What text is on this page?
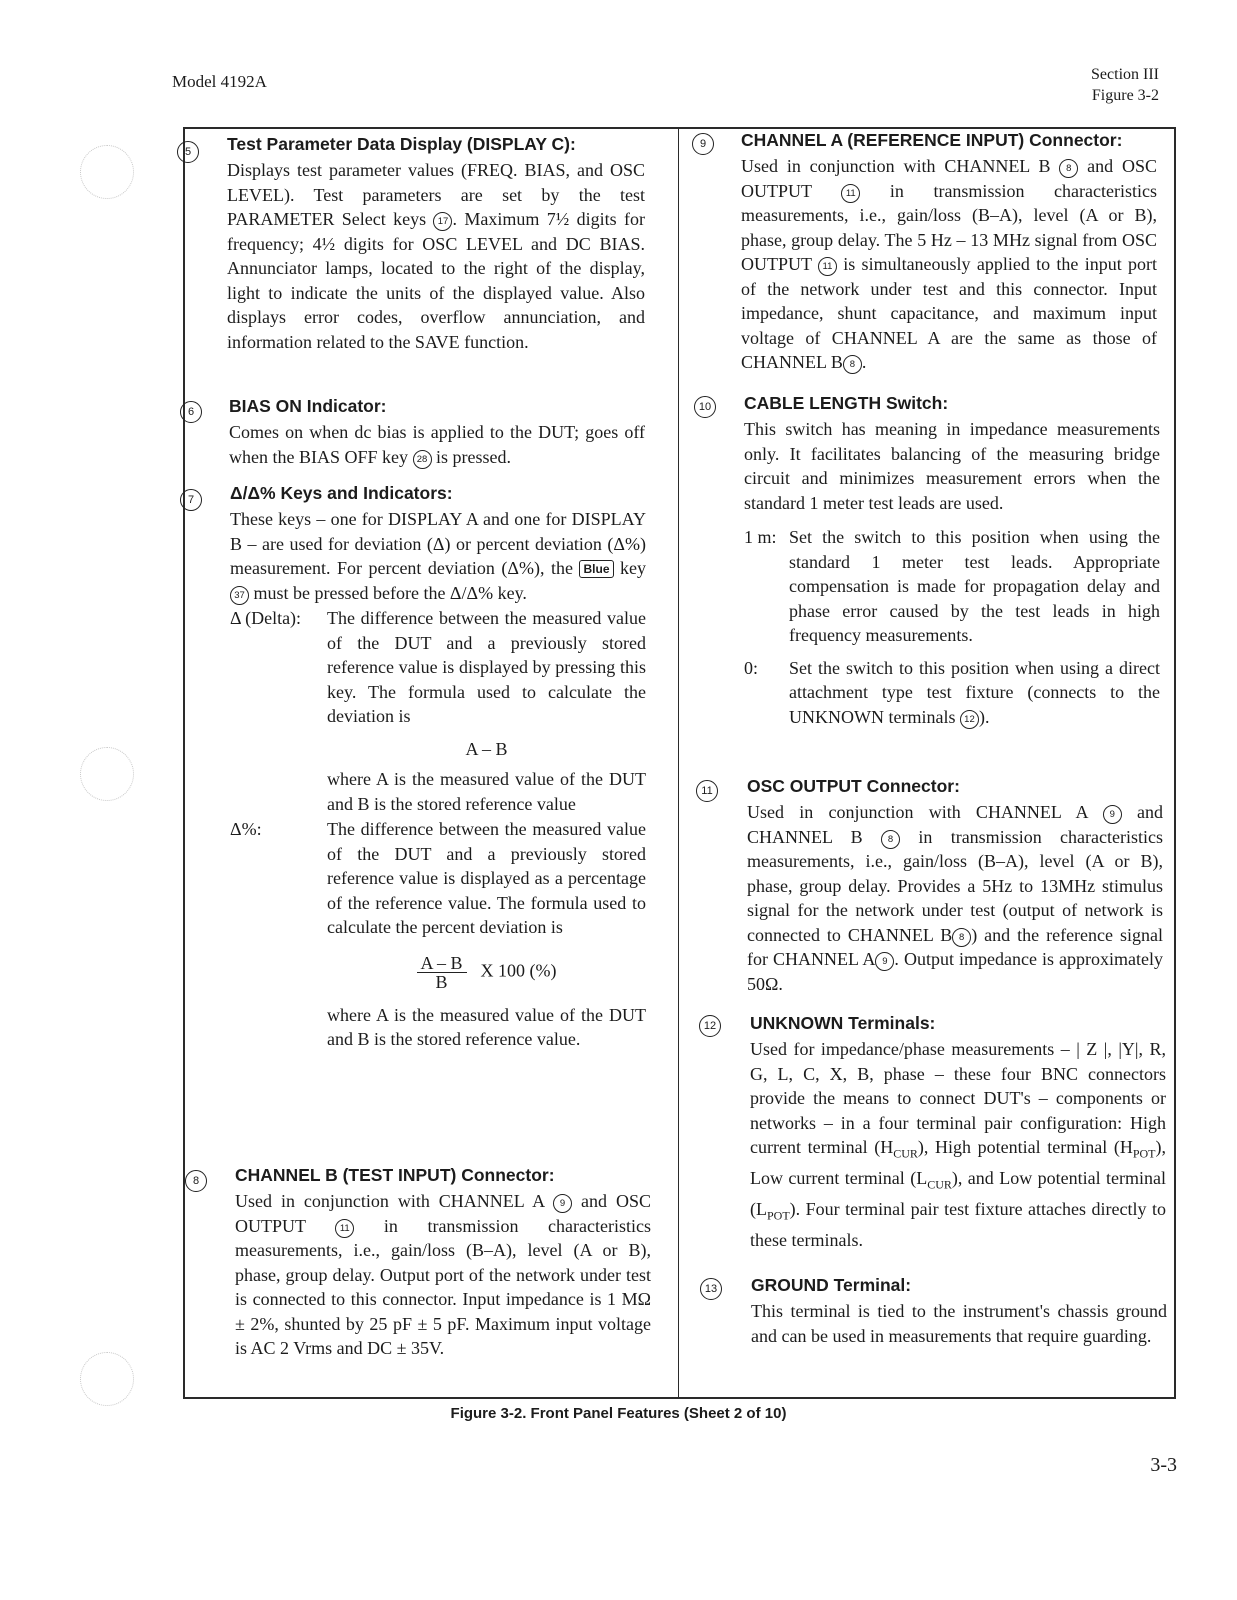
Model 4192A	Section III
Figure 3-2
5	Test Parameter Data Display (DISPLAY C):

Displays test parameter values (FREQ. BIAS, and OSC LEVEL). Test parameters are set by the test PARAMETER Select keys 17 . Maximum 7½ digits for frequency; 4½ digits for OSC LEVEL and DC BIAS. Annunciator lamps, located to the right of the display, light to indicate the units of the displayed value. Also displays error codes, overflow annunciation, and information related to the SAVE function.

6	BIAS ON Indicator:

Comes on when dc bias is applied to the DUT; goes off when the BIAS OFF key 28 is pressed.

7	Δ/Δ% Keys and Indicators:

These keys – one for DISPLAY A and one for DISPLAY B – are used for deviation (Δ) or percent deviation (Δ%) measurement. For percent deviation (Δ%), the Blue key 37 must be pressed before the Δ/Δ% key.

Δ (Delta): The difference between the measured value of the DUT and a previously stored reference value is displayed by pressing this key. The formula used to calculate the deviation is
A – B
where A is the measured value of the DUT and B is the stored reference value
Δ%:	The difference between the measured value of the DUT and a previously stored reference value is displayed as a percentage of the reference value. The formula used to calculate the percent deviation is
$\frac{A - B}{B}$ X 100 (%)
where A is the measured value of the DUT and B is the stored reference value.
8	CHANNEL B (TEST INPUT) Connector:

Used in conjunction with CHANNEL A 9 and OSC OUTPUT 11 in transmission characteristics measurements, i.e., gain/loss (B–A), level (A or B), phase, group delay. Output port of the network under test is connected to this connector. Input impedance is 1 MΩ ± 2%, shunted by 25 pF ± 5 pF. Maximum input voltage is AC 2 Vrms and DC ± 35V.

9	CHANNEL A (REFERENCE INPUT) Connector:

Used in conjunction with CHANNEL B 8 and OSC OUTPUT 11 in transmission characteristics measurements, i.e., gain/loss (B–A), level (A or B), phase, group delay. The 5 Hz – 13 MHz signal from OSC OUTPUT 11 is simultaneously applied to the input port of the network under test and this connector. Input impedance, shunt capacitance, and maximum input voltage of CHANNEL A are the same as those of CHANNEL B 8 .

10 CABLE LENGTH Switch:

This switch has meaning in impedance measurements only. It facilitates balancing of the measuring bridge circuit and minimizes measurement errors when the standard 1 meter test leads are used.

1 m: Set the switch to this position when using the standard 1 meter test leads. Appropriate compensation is made for propagation delay and phase error caused by the test leads in high frequency measurements.
0: Set the switch to this position when using a direct attachment type test fixture (connects to the UNKNOWN terminals 12 ).
11	OSC OUTPUT Connector:

Used in conjunction with CHANNEL A 9 and CHANNEL B 8 in transmission characteristics measurements, i.e., gain/loss (B–A), level (A or B), phase, group delay. Provides a 5Hz to 13MHz stimulus signal for the network under test (output of network is connected to CHANNEL B 8 ) and the reference signal for CHANNEL A 9 . Output impedance is approximately 50Ω.

12 UNKNOWN Terminals:

Used for impedance/phase measurements – | Z |, |Y|, R, G, L, C, X, B, phase – these four BNC connectors provide the means to connect DUT's – components or networks – in a four terminal pair configuration: High current terminal $(H_{CUR})$, High potential terminal $(H_{POT})$, Low current terminal $(L_{CUR})$, and Low potential terminal $(L_{POT})$. Four terminal pair test fixture attaches directly to these terminals.

13 GROUND Terminal:

This terminal is tied to the instrument's chassis ground and can be used in measurements that require guarding.

Figure 3-2. Front Panel Features (Sheet 2 of 10)
3-3
